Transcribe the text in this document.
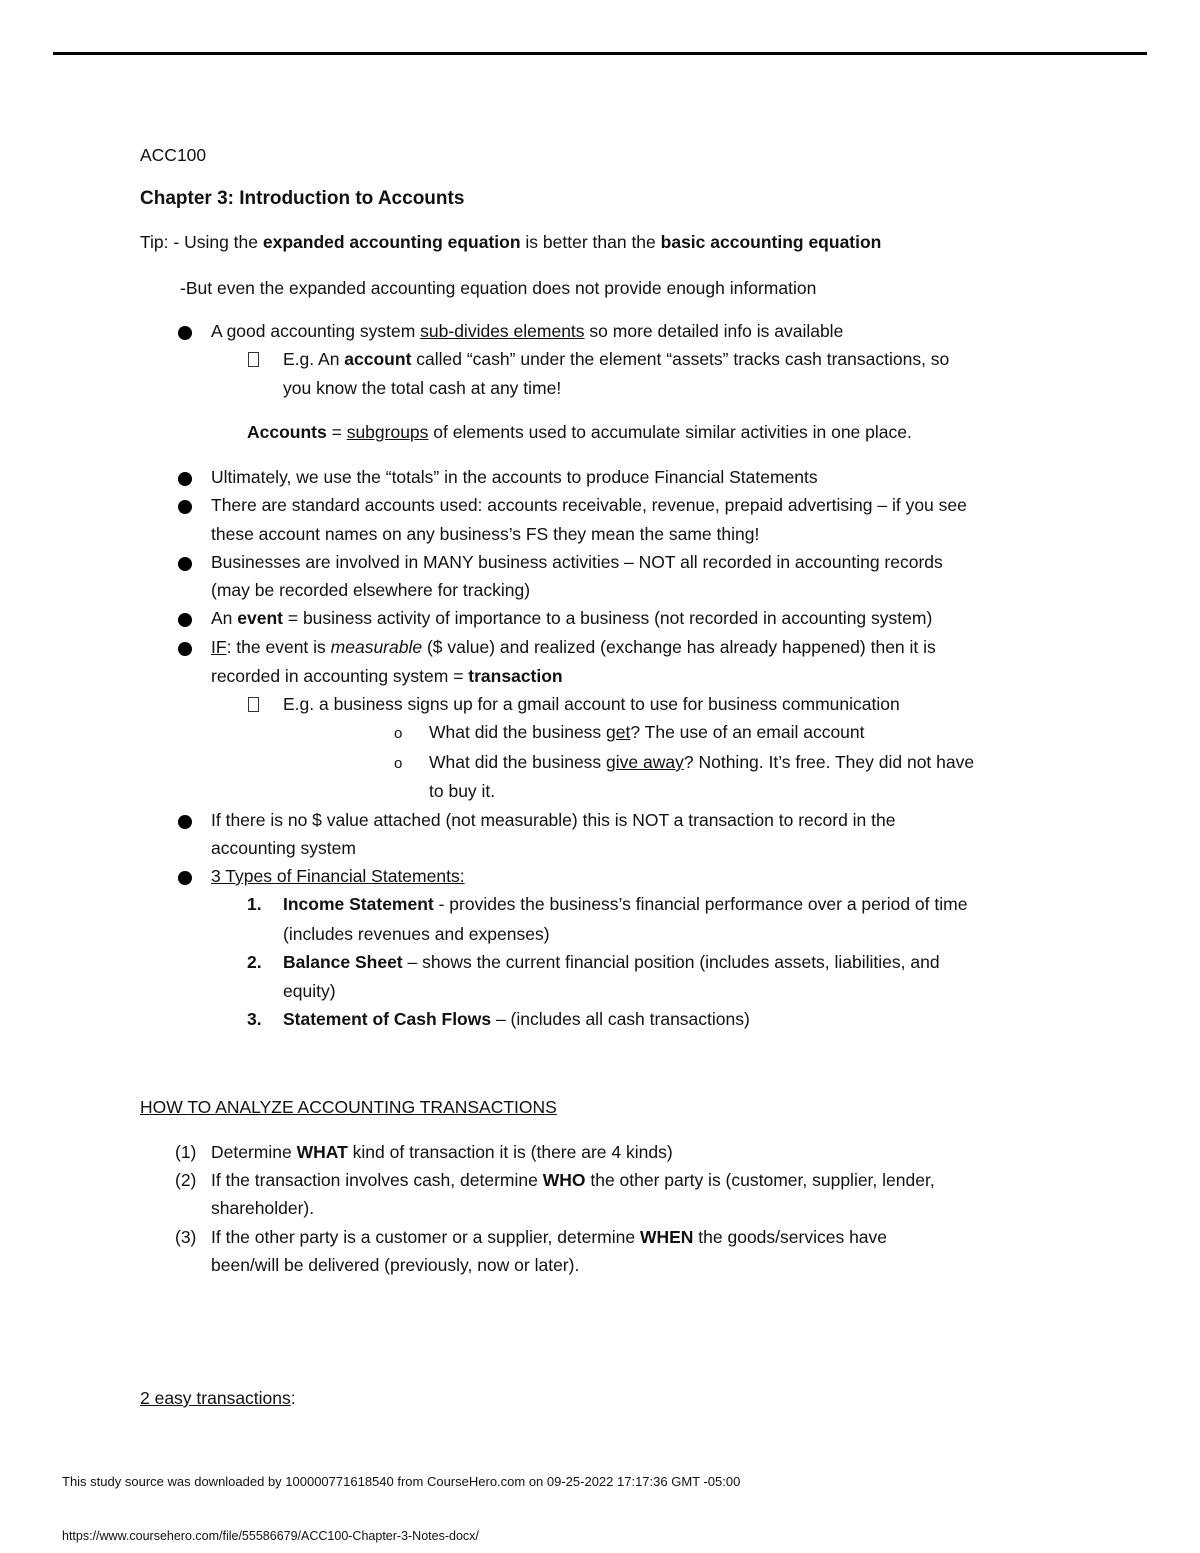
ACC100
Chapter 3: Introduction to Accounts
Tip: - Using the expanded accounting equation is better than the basic accounting equation
-But even the expanded accounting equation does not provide enough information
A good accounting system sub-divides elements so more detailed info is available
E.g. An account called “cash” under the element “assets” tracks cash transactions, so
you know the total cash at any time!
Accounts = subgroups of elements used to accumulate similar activities in one place.
Ultimately, we use the “totals” in the accounts to produce Financial Statements
There are standard accounts used: accounts receivable, revenue, prepaid advertising – if you see
these account names on any business’s FS they mean the same thing!
Businesses are involved in MANY business activities – NOT all recorded in accounting records
(may be recorded elsewhere for tracking)
An event = business activity of importance to a business (not recorded in accounting system)
IF: the event is measurable ($ value) and realized (exchange has already happened) then it is
recorded in accounting system = transaction
E.g. a business signs up for a gmail account to use for business communication
o What did the business get? The use of an email account
o What did the business give away? Nothing. It’s free. They did not have
to buy it.
If there is no $ value attached (not measurable) this is NOT a transaction to record in the
accounting system
3 Types of Financial Statements:
1. Income Statement - provides the business’s financial performance over a period of time
(includes revenues and expenses)
2. Balance Sheet – shows the current financial position (includes assets, liabilities, and
equity)
3. Statement of Cash Flows – (includes all cash transactions)
HOW TO ANALYZE ACCOUNTING TRANSACTIONS
(1) Determine WHAT kind of transaction it is (there are 4 kinds)
(2) If the transaction involves cash, determine WHO the other party is (customer, supplier, lender,
shareholder).
(3) If the other party is a customer or a supplier, determine WHEN the goods/services have
been/will be delivered (previously, now or later).
2 easy transactions:
This study source was downloaded by 100000771618540 from CourseHero.com on 09-25-2022 17:17:36 GMT -05:00
https://www.coursehero.com/file/55586679/ACC100-Chapter-3-Notes-docx/
